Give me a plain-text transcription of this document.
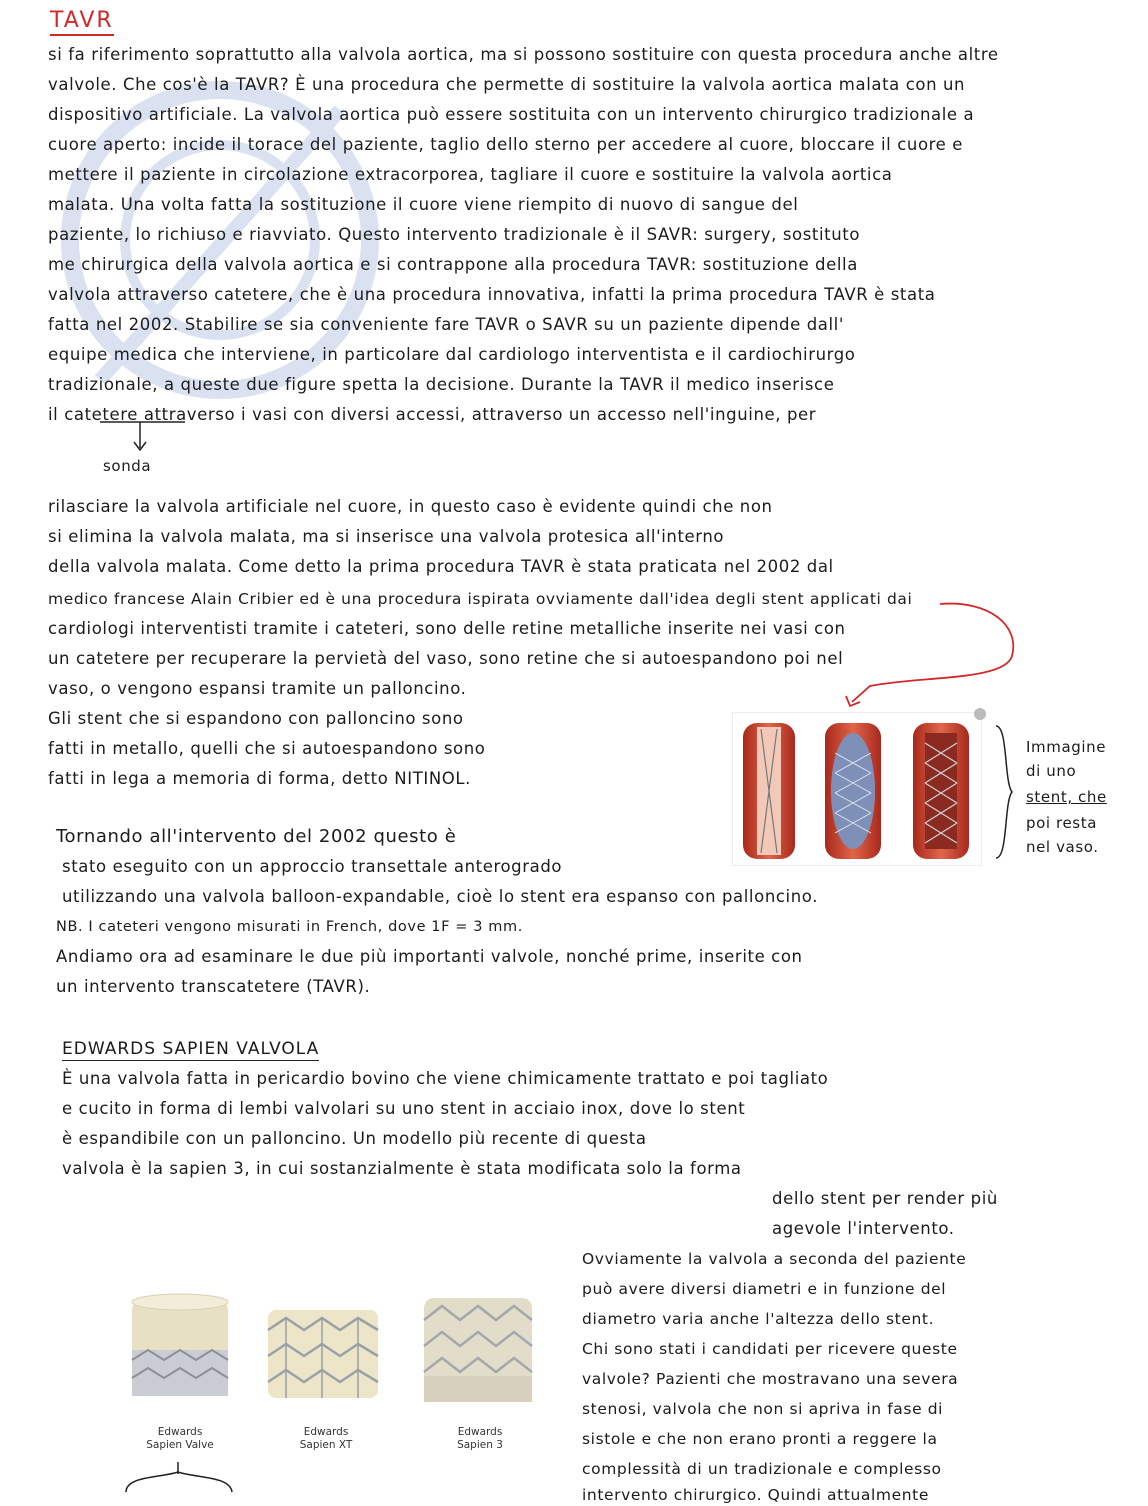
TAVR
si fa riferimento soprattutto alla valvola aortica, ma si possono sostituire con questa procedura anche altre
valvole. Che cos'è la TAVR? È una procedura che permette di sostituire la valvola aortica malata con un
dispositivo artificiale. La valvola aortica può essere sostituita con un intervento chirurgico tradizionale a
cuore aperto: incide il torace del paziente, taglio dello sterno per accedere al cuore, bloccare il cuore e
mettere il paziente in circolazione extracorporea, tagliare il cuore e sostituire la valvola aortica
malata. Una volta fatta la sostituzione il cuore viene riempito di nuovo di sangue del
paziente, lo richiuso e riavviato. Questo intervento tradizionale è il SAVR: surgery, sostituto
me chirurgica della valvola aortica e si contrappone alla procedura TAVR: sostituzione della
valvola attraverso catetere, che è una procedura innovativa, infatti la prima procedura TAVR è stata
fatta nel 2002. Stabilire se sia conveniente fare TAVR o SAVR su un paziente dipende dall'
equipe medica che interviene, in particolare dal cardiologo interventista e il cardiochirurgo
tradizionale, a queste due figure spetta la decisione. Durante la TAVR il medico inserisce
il catetere attraverso i vasi con diversi accessi, attraverso un accesso nell'inguine, per
sonda
rilasciare la valvola artificiale nel cuore, in questo caso è evidente quindi che non
si elimina la valvola malata, ma si inserisce una valvola protesica all'interno
della valvola malata. Come detto la prima procedura TAVR è stata praticata nel 2002 dal
medico francese Alain Cribier ed è una procedura ispirata ovviamente dall'idea degli stent applicati dai
cardiologi interventisti tramite i cateteri, sono delle retine metalliche inserite nei vasi con
un catetere per recuperare la pervietà del vaso, sono retine che si autoespandono poi nel
vaso, o vengono espansi tramite un palloncino.
Gli stent che si espandono con palloncino sono
fatti in metallo, quelli che si autoespandono sono
fatti in lega a memoria di forma, detto NITINOL.
Immagine
di uno
stent, che
poi resta
nel vaso.
Tornando all'intervento del 2002 questo è
stato eseguito con un approccio transettale anterogrado
utilizzando una valvola balloon-expandable, cioè lo stent era espanso con palloncino.
NB. I cateteri vengono misurati in French, dove 1F = 3 mm.
Andiamo ora ad esaminare le due più importanti valvole, nonché prime, inserite con
un intervento transcatetere (TAVR).
EDWARDS SAPIEN VALVOLA
È una valvola fatta in pericardio bovino che viene chimicamente trattato e poi tagliato
e cucito in forma di lembi valvolari su uno stent in acciaio inox, dove lo stent
è espandibile con un palloncino. Un modello più recente di questa
valvola è la sapien 3, in cui sostanzialmente è stata modificata solo la forma
dello stent per render più
agevole l'intervento.
Ovviamente la valvola a seconda del paziente
può avere diversi diametri e in funzione del
diametro varia anche l'altezza dello stent.
Chi sono stati i candidati per ricevere queste
valvole? Pazienti che mostravano una severa
stenosi, valvola che non si apriva in fase di
sistole e che non erano pronti a reggere la
complessità di un tradizionale e complesso
intervento chirurgico. Quindi attualmente
Edwards
Sapien Valve
Edwards
Sapien XT
Edwards
Sapien 3
